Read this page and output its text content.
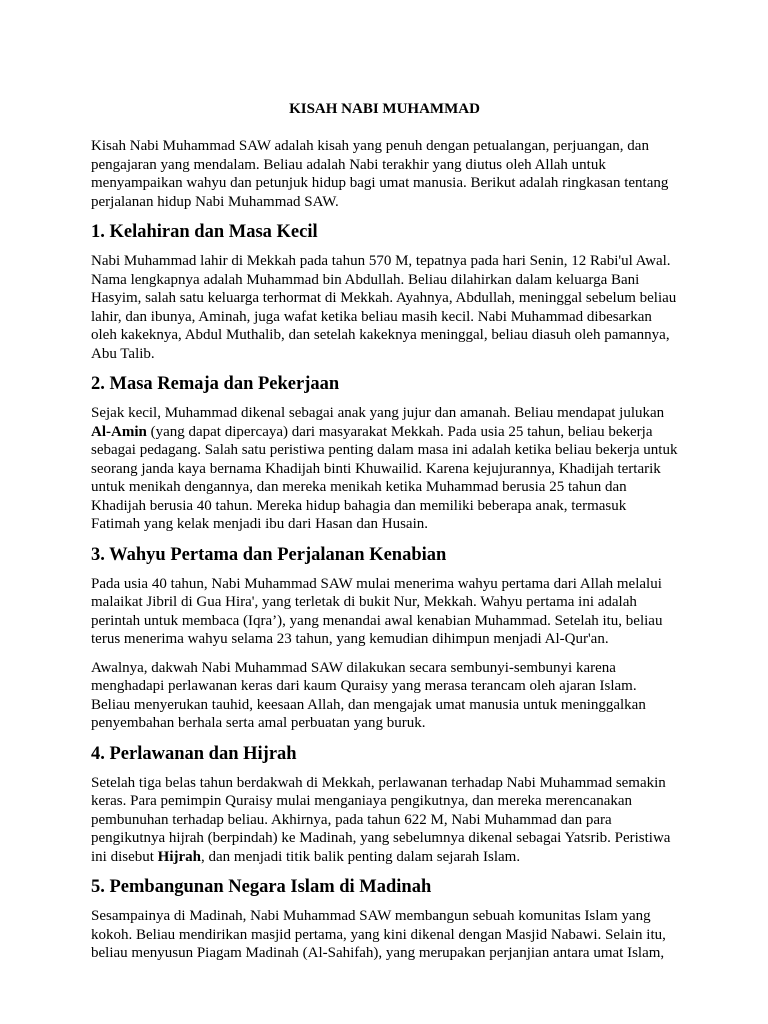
KISAH NABI MUHAMMAD

Kisah Nabi Muhammad SAW adalah kisah yang penuh dengan petualangan, perjuangan, dan pengajaran yang mendalam. Beliau adalah Nabi terakhir yang diutus oleh Allah untuk menyampaikan wahyu dan petunjuk hidup bagi umat manusia. Berikut adalah ringkasan tentang perjalanan hidup Nabi Muhammad SAW.

1. Kelahiran dan Masa Kecil

Nabi Muhammad lahir di Mekkah pada tahun 570 M, tepatnya pada hari Senin, 12 Rabi'ul Awal. Nama lengkapnya adalah Muhammad bin Abdullah. Beliau dilahirkan dalam keluarga Bani Hasyim, salah satu keluarga terhormat di Mekkah. Ayahnya, Abdullah, meninggal sebelum beliau lahir, dan ibunya, Aminah, juga wafat ketika beliau masih kecil. Nabi Muhammad dibesarkan oleh kakeknya, Abdul Muthalib, dan setelah kakeknya meninggal, beliau diasuh oleh pamannya, Abu Talib.

2. Masa Remaja dan Pekerjaan

Sejak kecil, Muhammad dikenal sebagai anak yang jujur dan amanah. Beliau mendapat julukan Al-Amin (yang dapat dipercaya) dari masyarakat Mekkah. Pada usia 25 tahun, beliau bekerja sebagai pedagang. Salah satu peristiwa penting dalam masa ini adalah ketika beliau bekerja untuk seorang janda kaya bernama Khadijah binti Khuwailid. Karena kejujurannya, Khadijah tertarik untuk menikah dengannya, dan mereka menikah ketika Muhammad berusia 25 tahun dan Khadijah berusia 40 tahun. Mereka hidup bahagia dan memiliki beberapa anak, termasuk Fatimah yang kelak menjadi ibu dari Hasan dan Husain.

3. Wahyu Pertama dan Perjalanan Kenabian

Pada usia 40 tahun, Nabi Muhammad SAW mulai menerima wahyu pertama dari Allah melalui malaikat Jibril di Gua Hira', yang terletak di bukit Nur, Mekkah. Wahyu pertama ini adalah perintah untuk membaca (Iqra’), yang menandai awal kenabian Muhammad. Setelah itu, beliau terus menerima wahyu selama 23 tahun, yang kemudian dihimpun menjadi Al-Qur'an.

Awalnya, dakwah Nabi Muhammad SAW dilakukan secara sembunyi-sembunyi karena menghadapi perlawanan keras dari kaum Quraisy yang merasa terancam oleh ajaran Islam. Beliau menyerukan tauhid, keesaan Allah, dan mengajak umat manusia untuk meninggalkan penyembahan berhala serta amal perbuatan yang buruk.

4. Perlawanan dan Hijrah

Setelah tiga belas tahun berdakwah di Mekkah, perlawanan terhadap Nabi Muhammad semakin keras. Para pemimpin Quraisy mulai menganiaya pengikutnya, dan mereka merencanakan pembunuhan terhadap beliau. Akhirnya, pada tahun 622 M, Nabi Muhammad dan para pengikutnya hijrah (berpindah) ke Madinah, yang sebelumnya dikenal sebagai Yatsrib. Peristiwa ini disebut Hijrah, dan menjadi titik balik penting dalam sejarah Islam.

5. Pembangunan Negara Islam di Madinah

Sesampainya di Madinah, Nabi Muhammad SAW membangun sebuah komunitas Islam yang kokoh. Beliau mendirikan masjid pertama, yang kini dikenal dengan Masjid Nabawi. Selain itu, beliau menyusun Piagam Madinah (Al-Sahifah), yang merupakan perjanjian antara umat Islam,
